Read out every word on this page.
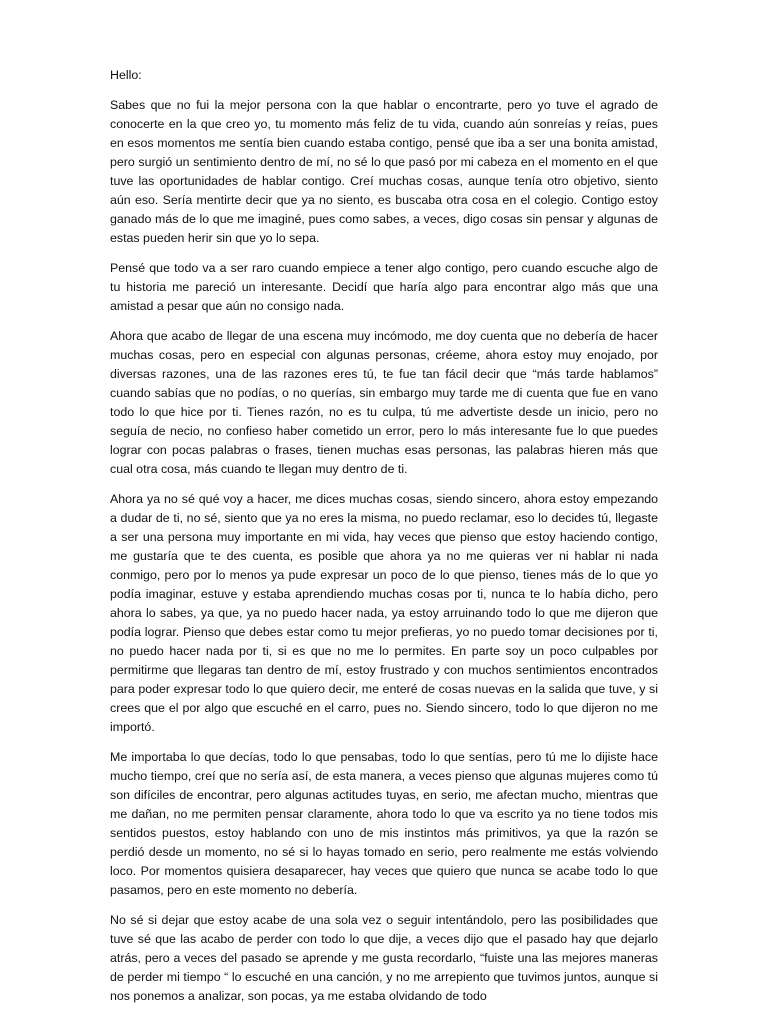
Hello:

Sabes que no fui la mejor persona con la que hablar o encontrarte, pero yo tuve el agrado de conocerte en la que creo yo, tu momento más feliz de tu vida, cuando aún sonreías y reías, pues en esos momentos me sentía bien cuando estaba contigo, pensé que iba a ser una bonita amistad, pero surgió un sentimiento dentro de mí, no sé lo que pasó por mi cabeza en el momento en el que tuve las oportunidades de hablar contigo. Creí muchas cosas, aunque tenía otro objetivo, siento aún eso. Sería mentirte decir que ya no siento, es buscaba otra cosa en el colegio. Contigo estoy ganado más de lo que me imaginé, pues como sabes, a veces, digo cosas sin pensar y algunas de estas pueden herir sin que yo lo sepa.

Pensé que todo va a ser raro cuando empiece a tener algo contigo, pero cuando escuche algo de tu historia me pareció un interesante. Decidí que haría algo para encontrar algo más que una amistad a pesar que aún no consigo nada.

Ahora que acabo de llegar de una escena muy incómodo, me doy cuenta que no debería de hacer muchas cosas, pero en especial con algunas personas, créeme, ahora estoy muy enojado, por diversas razones, una de las razones eres tú, te fue tan fácil decir que “más tarde hablamos” cuando sabías que no podías, o no querías, sin embargo muy tarde me di cuenta que fue en vano todo lo que hice por ti. Tienes razón, no es tu culpa, tú me advertiste desde un inicio, pero no seguía de necio, no confieso haber cometido un error, pero lo más interesante fue lo que puedes lograr con pocas palabras o frases, tienen muchas esas personas, las palabras hieren más que cual otra cosa, más cuando te llegan muy dentro de ti.

Ahora ya no sé qué voy a hacer, me dices muchas cosas, siendo sincero, ahora estoy empezando a dudar de ti, no sé, siento que ya no eres la misma, no puedo reclamar, eso lo decides tú, llegaste a ser una persona muy importante en mi vida, hay veces que pienso que estoy haciendo contigo, me gustaría que te des cuenta, es posible que ahora ya no me quieras ver ni hablar ni nada conmigo, pero por lo menos ya pude expresar un poco de lo que pienso, tienes más de lo que yo podía imaginar, estuve y estaba aprendiendo muchas cosas por ti, nunca te lo había dicho, pero ahora lo sabes, ya que, ya no puedo hacer nada, ya estoy arruinando todo lo que me dijeron que podía lograr. Pienso que debes estar como tu mejor prefieras, yo no puedo tomar decisiones por ti, no puedo hacer nada por ti, si es que no me lo permites. En parte soy un poco culpables por permitirme que llegaras tan dentro de mí, estoy frustrado y con muchos sentimientos encontrados para poder expresar todo lo que quiero decir, me enteré de cosas nuevas en la salida que tuve, y si crees que el por algo que escuché en el carro, pues no. Siendo sincero, todo lo que dijeron no me importó.

Me importaba lo que decías, todo lo que pensabas, todo lo que sentías, pero tú me lo dijiste hace mucho tiempo, creí que no sería así, de esta manera, a veces pienso que algunas mujeres como tú son difíciles de encontrar, pero algunas actitudes tuyas, en serio, me afectan mucho, mientras que me dañan, no me permiten pensar claramente, ahora todo lo que va escrito ya no tiene todos mis sentidos puestos, estoy hablando con uno de mis instintos más primitivos, ya que la razón se perdió desde un momento, no sé si lo hayas tomado en serio, pero realmente me estás volviendo loco. Por momentos quisiera desaparecer, hay veces que quiero que nunca se acabe todo lo que pasamos, pero en este momento no debería.

No sé si dejar que estoy acabe de una sola vez o seguir intentándolo, pero las posibilidades que tuve sé que las acabo de perder con todo lo que dije, a veces dijo que el pasado hay que dejarlo atrás, pero a veces del pasado se aprende y me gusta recordarlo, “fuiste una las mejores maneras de perder mi tiempo “ lo escuché en una canción, y no me arrepiento que tuvimos juntos, aunque si nos ponemos a analizar, son pocas, ya me estaba olvidando de todo
